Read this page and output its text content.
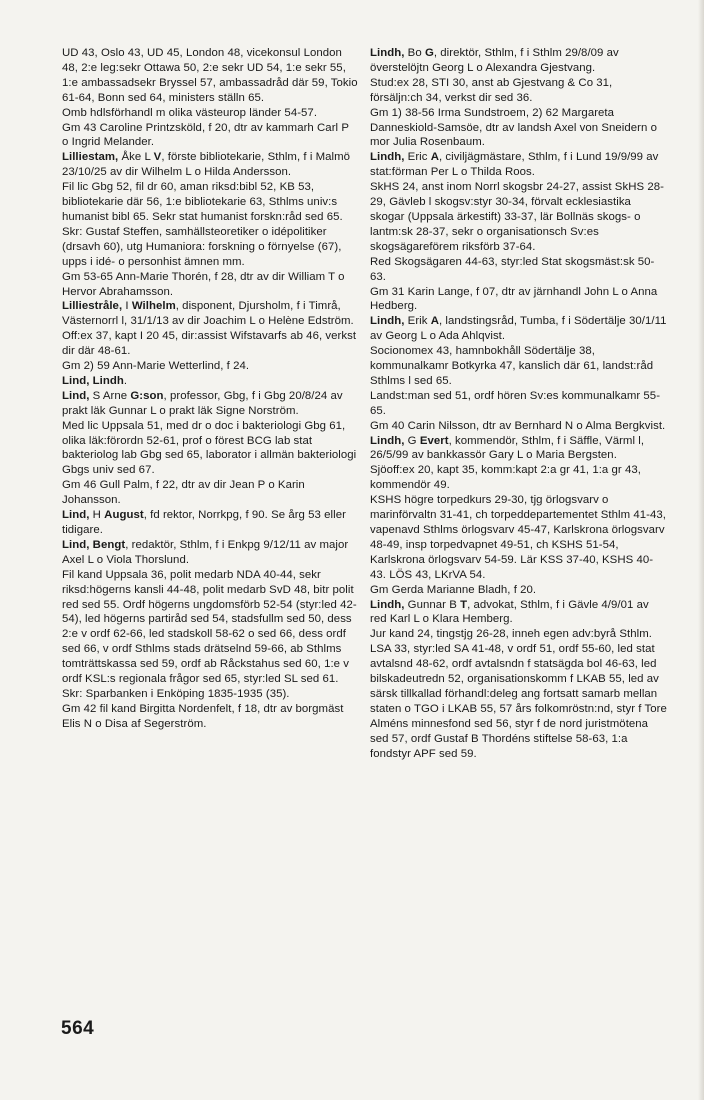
UD 43, Oslo 43, UD 45, London 48, vicekonsul London 48, 2:e leg:sekr Ottawa 50, 2:e sekr UD 54, 1:e sekr 55, 1:e ambassadsekr Bryssel 57, ambassadråd där 59, Tokio 61-64, Bonn sed 64, ministers ställn 65.

Omb hdlsförhandl m olika västeurop länder 54-57.

Gm 43 Caroline Printzsköld, f 20, dtr av kammarh Carl P o Ingrid Melander.

Lilliestam, Åke L V, förste bibliotekarie, Sthlm, f i Malmö 23/10/25 av dir Wilhelm L o Hilda Andersson.

Fil lic Gbg 52, fil dr 60, aman riksd:bibl 52, KB 53, bibliotekarie där 56, 1:e bibliotekarie 63, Sthlms univ:s humanist bibl 65. Sekr stat humanist forskn:råd sed 65.

Skr: Gustaf Steffen, samhällsteoretiker o idépolitiker (drsavh 60), utg Humaniora: forskning o förnyelse (67), upps i idé- o personhist ämnen mm.

Gm 53-65 Ann-Marie Thorén, f 28, dtr av dir William T o Hervor Abrahamsson.

Lilliestråle, I Wilhelm, disponent, Djursholm, f i Timrå, Västernorrl l, 31/1/13 av dir Joachim L o Helène Edström.

Off:ex 37, kapt I 20 45, dir:assist Wifstavarfs ab 46, verkst dir där 48-61.

Gm 2) 59 Ann-Marie Wetterlind, f 24.

Lind, Lindh.

Lind, S Arne G:son, professor, Gbg, f i Gbg 20/8/24 av prakt läk Gunnar L o prakt läk Signe Norström.

Med lic Uppsala 51, med dr o doc i bakteriologi Gbg 61, olika läk:förordn 52-61, prof o förest BCG lab stat bakteriolog lab Gbg sed 65, laborator i allmän bakteriologi Gbgs univ sed 67.

Gm 46 Gull Palm, f 22, dtr av dir Jean P o Karin Johansson.

Lind, H August, fd rektor, Norrkpg, f 90. Se årg 53 eller tidigare.

Lind, Bengt, redaktör, Sthlm, f i Enkpg 9/12/11 av major Axel L o Viola Thorslund.

Fil kand Uppsala 36, polit medarb NDA 40-44, sekr riksd:högerns kansli 44-48, polit medarb SvD 48, bitr polit red sed 55. Ordf högerns ungdomsförb 52-54 (styr:led 42-54), led högerns partiråd sed 54, stadsfullm sed 50, dess 2:e v ordf 62-66, led stadskoll 58-62 o sed 66, dess ordf sed 66, v ordf Sthlms stads drätselnd 59-66, ab Sthlms tomträttskassa sed 59, ordf ab Råckstahus sed 60, 1:e v ordf KSL:s regionala frågor sed 65, styr:led SL sed 61. Skr: Sparbanken i Enköping 1835-1935 (35).

Gm 42 fil kand Birgitta Nordenfelt, f 18, dtr av borgmäst Elis N o Disa af Segerström.

Lindh, Bo G, direktör, Sthlm, f i Sthlm 29/8/09 av överstelöjtn Georg L o Alexandra Gjestvang.

Stud:ex 28, STI 30, anst ab Gjestvang & Co 31, försäljn:ch 34, verkst dir sed 36.

Gm 1) 38-56 Irma Sundstroem, 2) 62 Margareta Danneskiold-Samsöe, dtr av landsh Axel von Sneidern o mor Julia Rosenbaum.

Lindh, Eric A, civiljägmästare, Sthlm, f i Lund 19/9/99 av stat:förman Per L o Thilda Roos.

SkHS 24, anst inom Norrl skogsbr 24-27, assist SkHS 28-29, Gävleb l skogsv:styr 30-34, förvalt ecklesiastika skogar (Uppsala ärkestift) 33-37, lär Bollnäs skogs- o lantm:sk 28-37, sekr o organisationsch Sv:es skogsägareförem riksförb 37-64.

Red Skogsägaren 44-63, styr:led Stat skogsmäst:sk 50-63.

Gm 31 Karin Lange, f 07, dtr av järnhandl John L o Anna Hedberg.

Lindh, Erik A, landstingsråd, Tumba, f i Södertälje 30/1/11 av Georg L o Ada Ahlqvist.

Socionomex 43, hamnbokhåll Södertälje 38, kommunalkamr Botkyrka 47, kanslich där 61, landst:råd Sthlms l sed 65.

Landst:man sed 51, ordf hören Sv:es kommunalkamr 55-65.

Gm 40 Carin Nilsson, dtr av Bernhard N o Alma Bergkvist.

Lindh, G Evert, kommendör, Sthlm, f i Säffle, Värml l, 26/5/99 av bankkassör Gary L o Maria Bergsten.

Sjöoff:ex 20, kapt 35, komm:kapt 2:a gr 41, 1:a gr 43, kommendör 49.

KSHS högre torpedkurs 29-30, tjg örlogsvarv o marinförvaltn 31-41, ch torpeddepartementet Sthlm 41-43, vapenavd Sthlms örlogsvarv 45-47, Karlskrona örlogsvarv 48-49, insp torpedvapnet 49-51, ch KSHS 51-54, Karlskrona örlogsvarv 54-59. Lär KSS 37-40, KSHS 40-43. LÖS 43, LKrVA 54.

Gm Gerda Marianne Bladh, f 20.

Lindh, Gunnar B T, advokat, Sthlm, f i Gävle 4/9/01 av red Karl L o Klara Hemberg.

Jur kand 24, tingstjg 26-28, inneh egen adv:byrå Sthlm.

LSA 33, styr:led SA 41-48, v ordf 51, ordf 55-60, led stat avtalsnd 48-62, ordf avtalsndn f statsägda bol 46-63, led bilskadeutredn 52, organisationskomm f LKAB 55, led av särsk tillkallad förhandl:deleg ang fortsatt samarb mellan staten o TGO i LKAB 55, 57 års folkomröstn:nd, styr f Tore Alméns minnesfond sed 56, styr f de nord juristmötena sed 57, ordf Gustaf B Thordéns stiftelse 58-63, 1:a fondstyr APF sed 59.

564
